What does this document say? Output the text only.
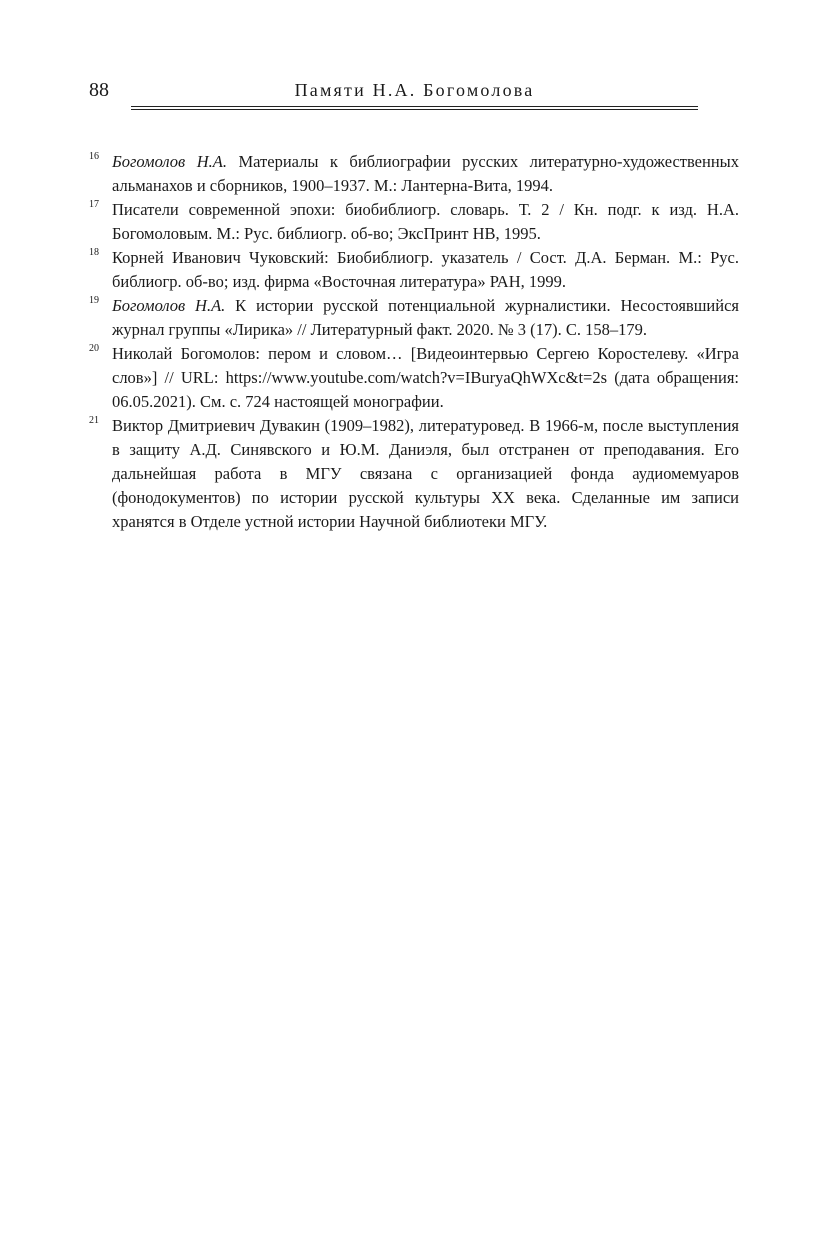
88	Памяти Н.А. Богомолова

16 Богомолов Н.А. Материалы к библиографии русских литературно-художественных альманахов и сборников, 1900–1937. М.: Лантерна-Вита, 1994.

17 Писатели современной эпохи: биобиблиогр. словарь. Т. 2 / Кн. подг. к изд. Н.А. Богомоловым. М.: Рус. библиогр. об-во; ЭксПринт НВ, 1995.

18 Корней Иванович Чуковский: Биобиблиогр. указатель / Сост. Д.А. Берман. М.: Рус. библиогр. об-во; изд. фирма «Восточная литература» РАН, 1999.

19 Богомолов Н.А. К истории русской потенциальной журналистики. Несостоявшийся журнал группы «Лирика» // Литературный факт. 2020. № 3 (17). С. 158–179.

20 Николай Богомолов: пером и словом… [Видеоинтервью Сергею Коростелеву. «Игра слов»] // URL: https://www.youtube.com/watch?v=IBuryaQhWXc&t=2s (дата обращения: 06.05.2021). См. с. 724 настоящей монографии.

21 Виктор Дмитриевич Дувакин (1909–1982), литературовед. В 1966-м, после выступления в защиту А.Д. Синявского и Ю.М. Даниэля, был отстранен от преподавания. Его дальнейшая работа в МГУ связана с организацией фонда аудиомемуаров (фонодокументов) по истории русской культуры XX века. Сделанные им записи хранятся в Отделе устной истории Научной библиотеки МГУ.
